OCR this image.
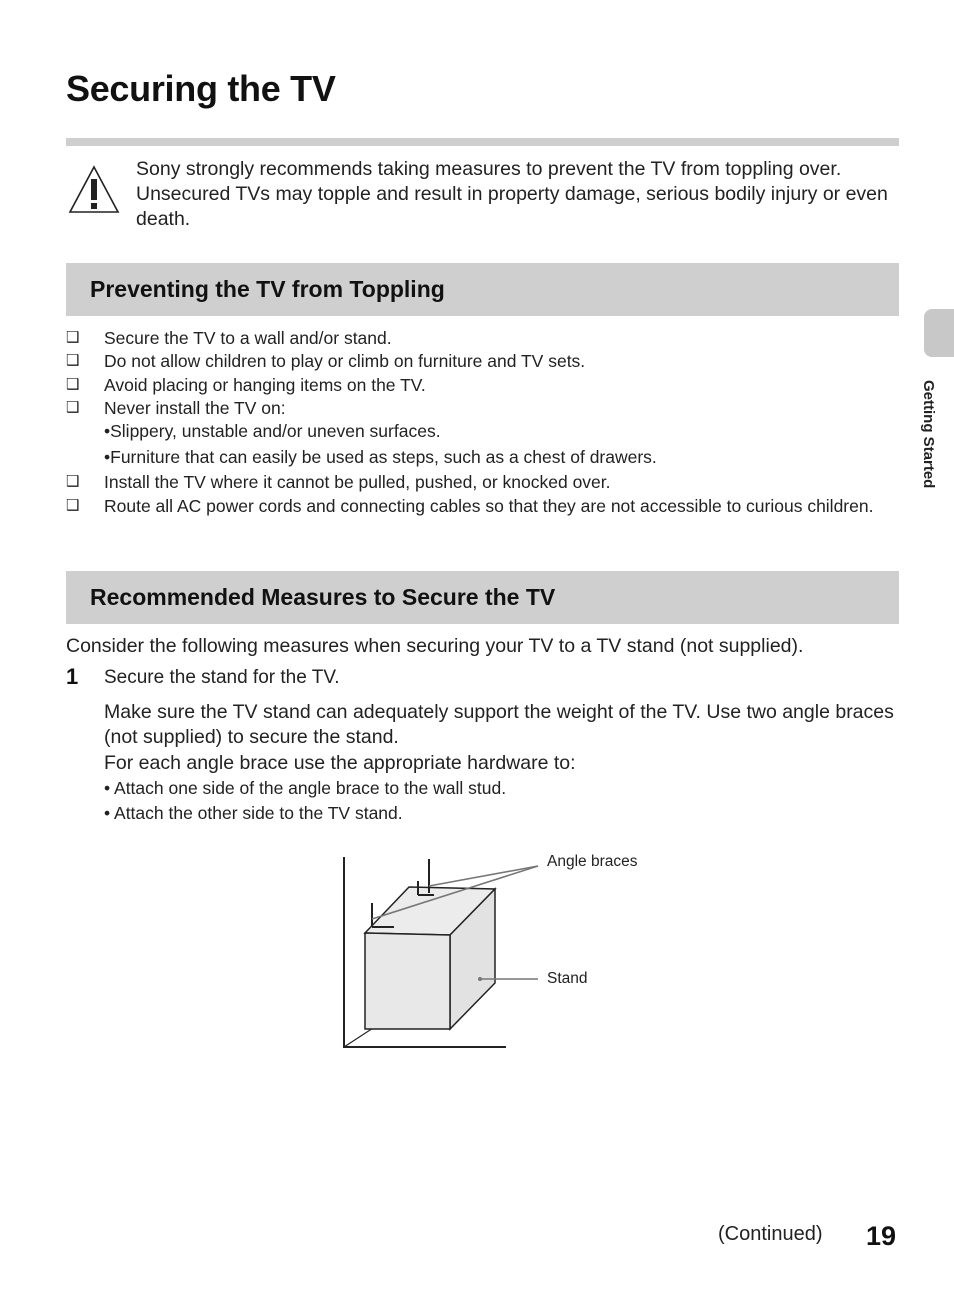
Securing the TV
Sony strongly recommends taking measures to prevent the TV from toppling over. Unsecured TVs may topple and result in property damage, serious bodily injury or even death.
Preventing the TV from Toppling
❑ Secure the TV to a wall and/or stand.
❑ Do not allow children to play or climb on furniture and TV sets.
❑ Avoid placing or hanging items on the TV.
❑ Never install the TV on:
•Slippery, unstable and/or uneven surfaces.
•Furniture that can easily be used as steps, such as a chest of drawers.
❑ Install the TV where it cannot be pulled, pushed, or knocked over.
❑ Route all AC power cords and connecting cables so that they are not accessible to curious children.
Recommended Measures to Secure the TV
Consider the following measures when securing your TV to a TV stand (not supplied).
1 Secure the stand for the TV.
Make sure the TV stand can adequately support the weight of the TV. Use two angle braces (not supplied) to secure the stand.
For each angle brace use the appropriate hardware to:
• Attach one side of the angle brace to the wall stud.
• Attach the other side to the TV stand.
Angle braces
Stand
Getting Started
(Continued) 19
